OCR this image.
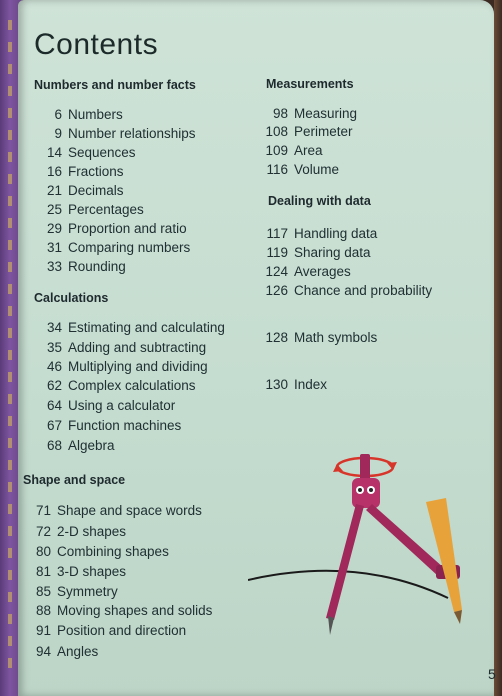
Contents
Numbers and number facts
6 Numbers
9 Number relationships
14 Sequences
16 Fractions
21 Decimals
25 Percentages
29 Proportion and ratio
31 Comparing numbers
33 Rounding
Calculations
34 Estimating and calculating
35 Adding and subtracting
46 Multiplying and dividing
62 Complex calculations
64 Using a calculator
67 Function machines
68 Algebra
Shape and space
71 Shape and space words
72 2-D shapes
80 Combining shapes
81 3-D shapes
85 Symmetry
88 Moving shapes and solids
91 Position and direction
94 Angles
Measurements
98 Measuring
108 Perimeter
109 Area
116 Volume
Dealing with data
117 Handling data
119 Sharing data
124 Averages
126 Chance and probability
128 Math symbols
130 Index
5
